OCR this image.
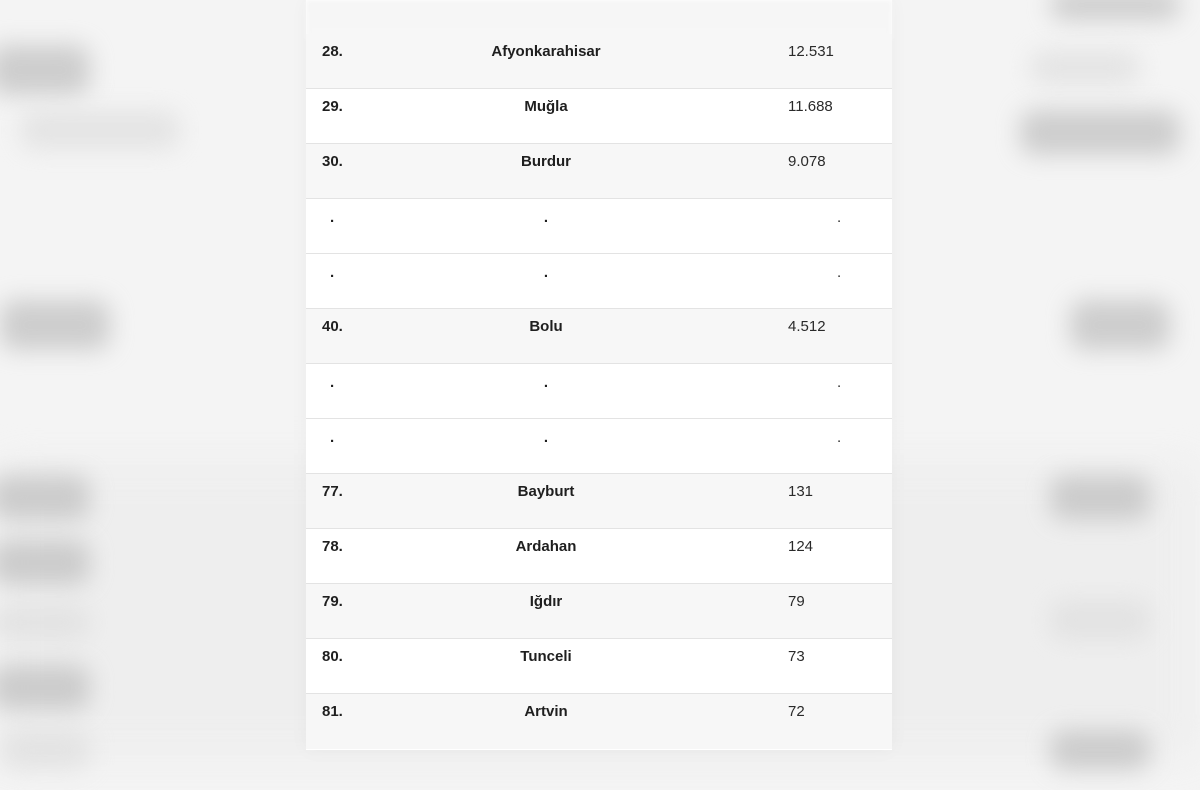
28.	Afyonkarahisar	12.531
29.	Muğla	11.688
30.	Burdur	9.078
.	.	.
.	.	.
40.	Bolu	4.512
.	.	.
.	.	.
77.	Bayburt	131
78.	Ardahan	124
79.	Iğdır	79
80.	Tunceli	73
81.	Artvin	72
